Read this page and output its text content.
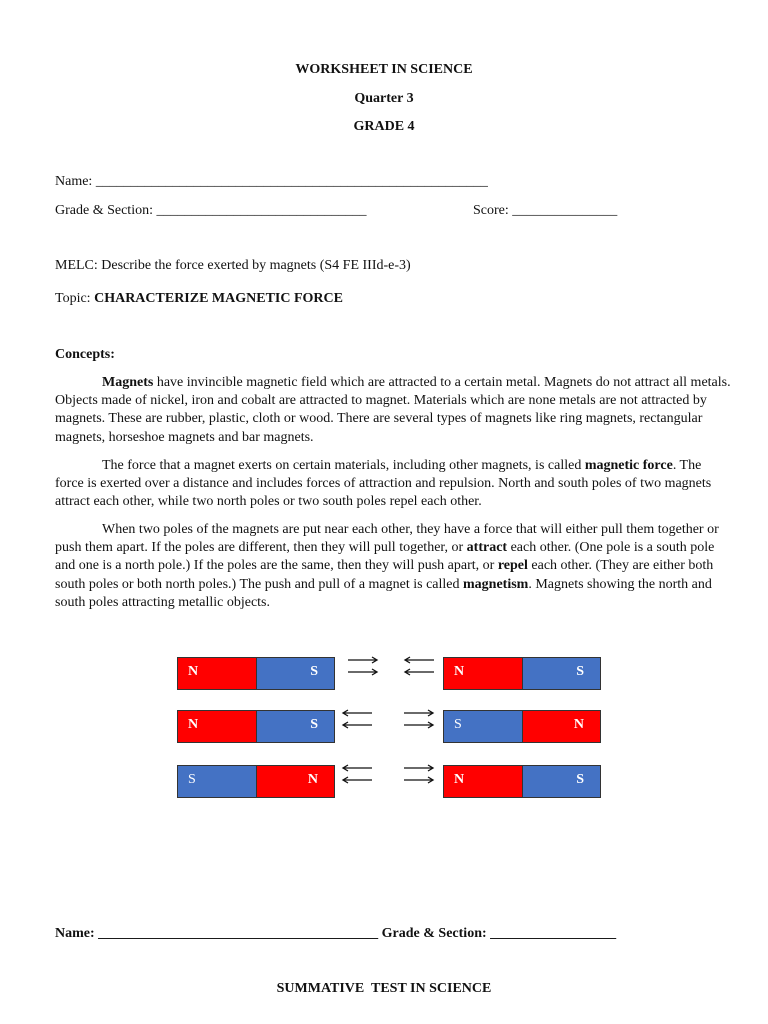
WORKSHEET IN SCIENCE
Quarter 3
GRADE 4
Name: ________________________________________________________
Grade & Section: ______________________________	Score: _______________
MELC: Describe the force exerted by magnets (S4 FE IIId-e-3)
Topic: CHARACTERIZE MAGNETIC FORCE
Concepts:

Magnets have invincible magnetic field which are attracted to a certain metal. Magnets do not attract all metals. Objects made of nickel, iron and cobalt are attracted to magnet. Materials which are none metals are not attracted by magnets. These are rubber, plastic, cloth or wood. There are several types of magnets like ring magnets, rectangular magnets, horseshoe magnets and bar magnets.

The force that a magnet exerts on certain materials, including other magnets, is called magnetic force. The force is exerted over a distance and includes forces of attraction and repulsion. North and south poles of two magnets attract each other, while two north poles or two south poles repel each other.

When two poles of the magnets are put near each other, they have a force that will either pull them together or push them apart. If the poles are different, then they will pull together, or attract each other. (One pole is a south pole and one is a north pole.) If the poles are the same, then they will push apart, or repel each other. (They are either both south poles or both north poles.) The push and pull of a magnet is called magnetism. Magnets showing the north and south poles attracting metallic objects.

N	S	N	S
N	S	S	N
S	N	N	S
Name: ________________________________________ Grade & Section: __________________
SUMMATIVE  TEST IN SCIENCE
